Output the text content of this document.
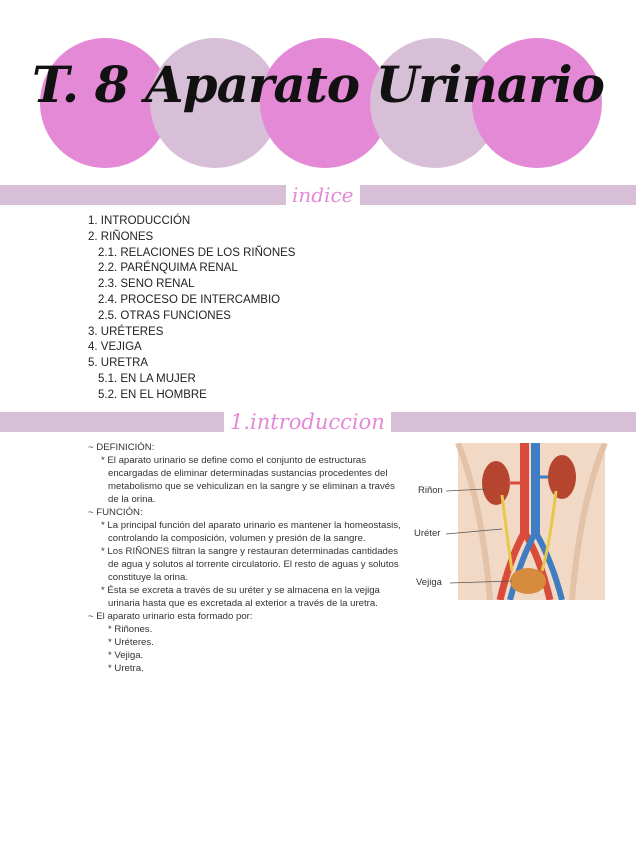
T. 8 Aparato Urinario
indice
1. INTRODUCCIÓN
2. RIÑONES
2.1. RELACIONES DE LOS RIÑONES
2.2. PARÉNQUIMA RENAL
2.3. SENO RENAL
2.4. PROCESO DE INTERCAMBIO
2.5. OTRAS FUNCIONES
3. URÉTERES
4. VEJIGA
5. URETRA
5.1. EN LA MUJER
5.2. EN EL HOMBRE
1.introduccion
~ DEFINICIÓN:
* El aparato urinario se define como el conjunto de estructuras encargadas de eliminar determinadas sustancias procedentes del metabolismo que se vehiculizan en la sangre y se eliminan a través de la orina.
~ FUNCIÓN:
* La principal función del aparato urinario es mantener la homeostasis, controlando la composición, volumen y presión de la sangre.
* Los RIÑONES filtran la sangre y restauran determinadas cantidades de agua y solutos al torrente circulatorio. El resto de aguas y solutos constituye la orina.
* Ésta se excreta a través de su uréter y se almacena en la vejiga urinaria hasta que es excretada al exterior a través de la uretra.
~ El aparato urinario esta formado por:
* Riñones.
* Uréteres.
* Vejiga.
* Uretra.
Riñon
Uréter
Vejiga
